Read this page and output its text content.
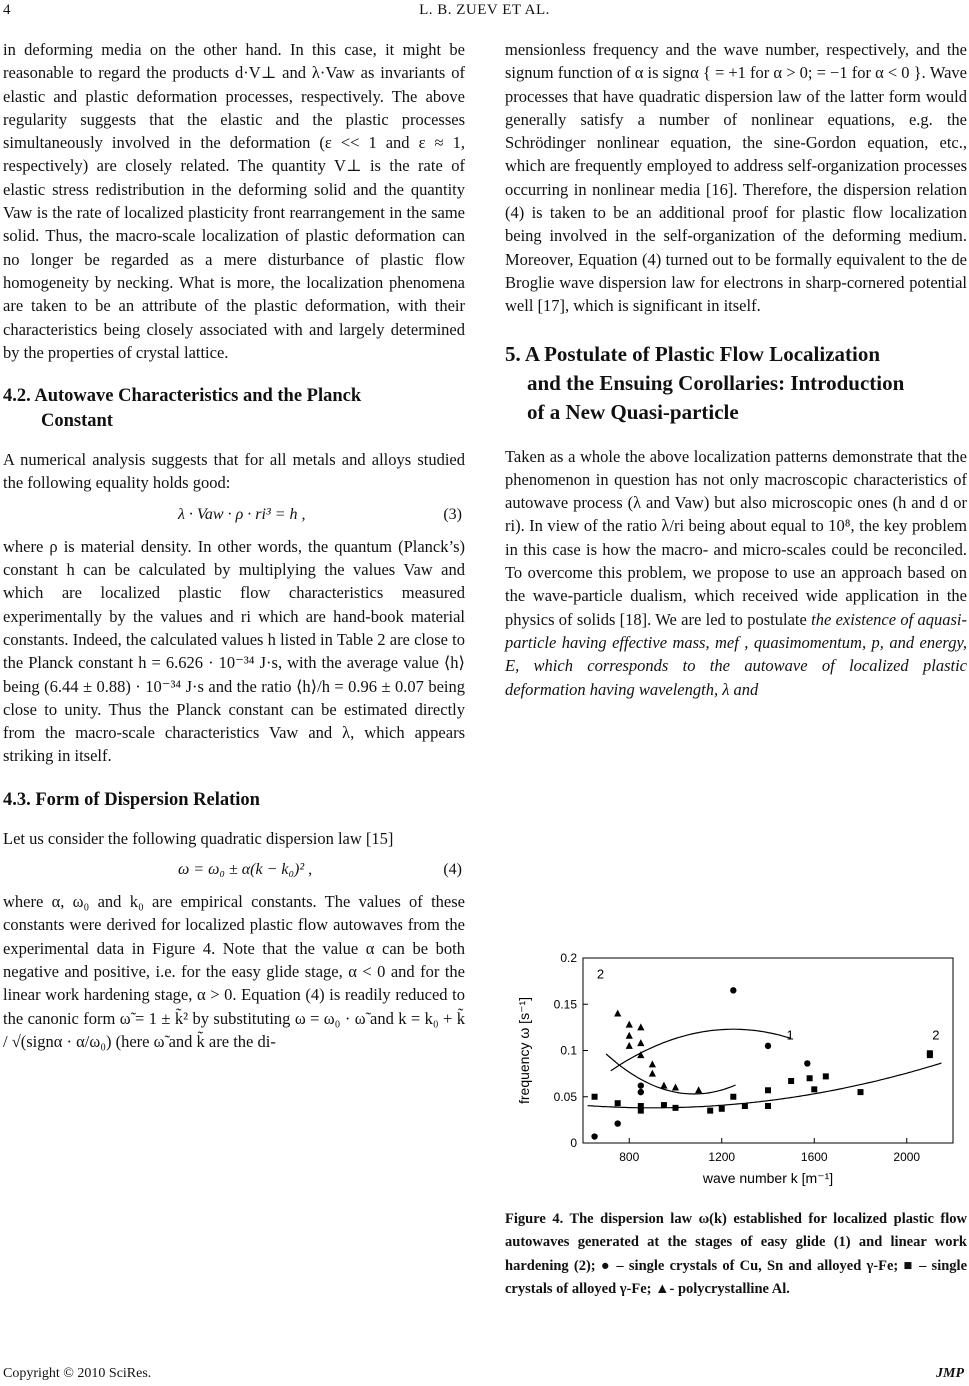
4	L. B. ZUEV ET AL.

in deforming media on the other hand. In this case, it might be reasonable to regard the products d·V⊥ and λ·Vaw as invariants of elastic and plastic deformation processes, respectively. The above regularity suggests that the elastic and the plastic processes simultaneously involved in the deformation (ε << 1 and ε ≈ 1, respectively) are closely related. The quantity V⊥ is the rate of elastic stress redistribution in the deforming solid and the quantity Vaw is the rate of localized plasticity front rearrangement in the same solid. Thus, the macro-scale localization of plastic deformation can no longer be regarded as a mere disturbance of plastic flow homogeneity by necking. What is more, the localization phenomena are taken to be an attribute of the plastic deformation, with their characteristics being closely associated with and largely determined by the properties of crystal lattice.

4.2. Autowave Characteristics and the Planck
Constant

A numerical analysis suggests that for all metals and alloys studied the following equality holds good:

λ · Vaw · ρ · ri³ = h ,	(3)

where ρ is material density. In other words, the quantum (Planck’s) constant h can be calculated by multiplying the values Vaw and which are localized plastic flow characteristics measured experimentally by the values and ri which are hand-book material constants. Indeed, the calculated values h listed in Table 2 are close to the Planck constant h = 6.626 · 10⁻³⁴ J·s, with the average value ⟨h⟩ being (6.44 ± 0.88) · 10⁻³⁴ J·s and the ratio ⟨h⟩/h = 0.96 ± 0.07 being close to unity. Thus the Planck constant can be estimated directly from the macro-scale characteristics Vaw and λ, which appears striking in itself.

4.3. Form of Dispersion Relation

Let us consider the following quadratic dispersion law [15]

ω = ω₀ ± α(k − k₀)² ,	(4)

where α, ω₀ and k₀ are empirical constants. The values of these constants were derived for localized plastic flow autowaves from the experimental data in Figure 4. Note that the value α can be both negative and positive, i.e. for the easy glide stage, α < 0 and for the linear work hardening stage, α > 0. Equation (4) is readily reduced to the canonic form ω̃ = 1 ± k̃² by substituting ω = ω₀ · ω̃ and k = k₀ + k̃ / √(signα · α/ω₀) (here ω̃ and k̃ are the di-

mensionless frequency and the wave number, respectively, and the signum function of α is signα { = +1 for α > 0; = −1 for α < 0 }. Wave processes that have quadratic dispersion law of the latter form would generally satisfy a number of nonlinear equations, e.g. the Schrödinger nonlinear equation, the sine-Gordon equation, etc., which are frequently employed to address self-organization processes occurring in nonlinear media [16]. Therefore, the dispersion relation (4) is taken to be an additional proof for plastic flow localization being involved in the self-organization of the deforming medium. Moreover, Equation (4) turned out to be formally equivalent to the de Broglie wave dispersion law for electrons in sharp-cornered potential well [17], which is significant in itself.

5. A Postulate of Plastic Flow Localization
and the Ensuing Corollaries: Introduction
of a New Quasi-particle

Taken as a whole the above localization patterns demonstrate that the phenomenon in question has not only macroscopic characteristics of autowave process (λ and Vaw) but also microscopic ones (h and d or ri). In view of the ratio λ/ri being about equal to 10⁸, the key problem in this case is how the macro- and micro-scales could be reconciled. To overcome this problem, we propose to use an approach based on the wave-particle dualism, which received wide application in the physics of solids [18]. We are led to postulate the existence of aquasi-particle having effective mass, mef , quasimomentum, p, and energy, E, which corresponds to the autowave of localized plastic deformation having wavelength, λ and

800	1200	1600	2000
0
0.05
0.1
0.15
0.2
wave number k [m⁻¹]
frequency ω [s⁻¹]
2
1	2
Figure 4. The dispersion law ω(k) established for localized plastic flow autowaves generated at the stages of easy glide (1) and linear work hardening (2); ● – single crystals of Cu, Sn and alloyed γ-Fe; ■ – single crystals of alloyed γ-Fe; ▲- polycrystalline Al.
Copyright © 2010 SciRes.	JMP
